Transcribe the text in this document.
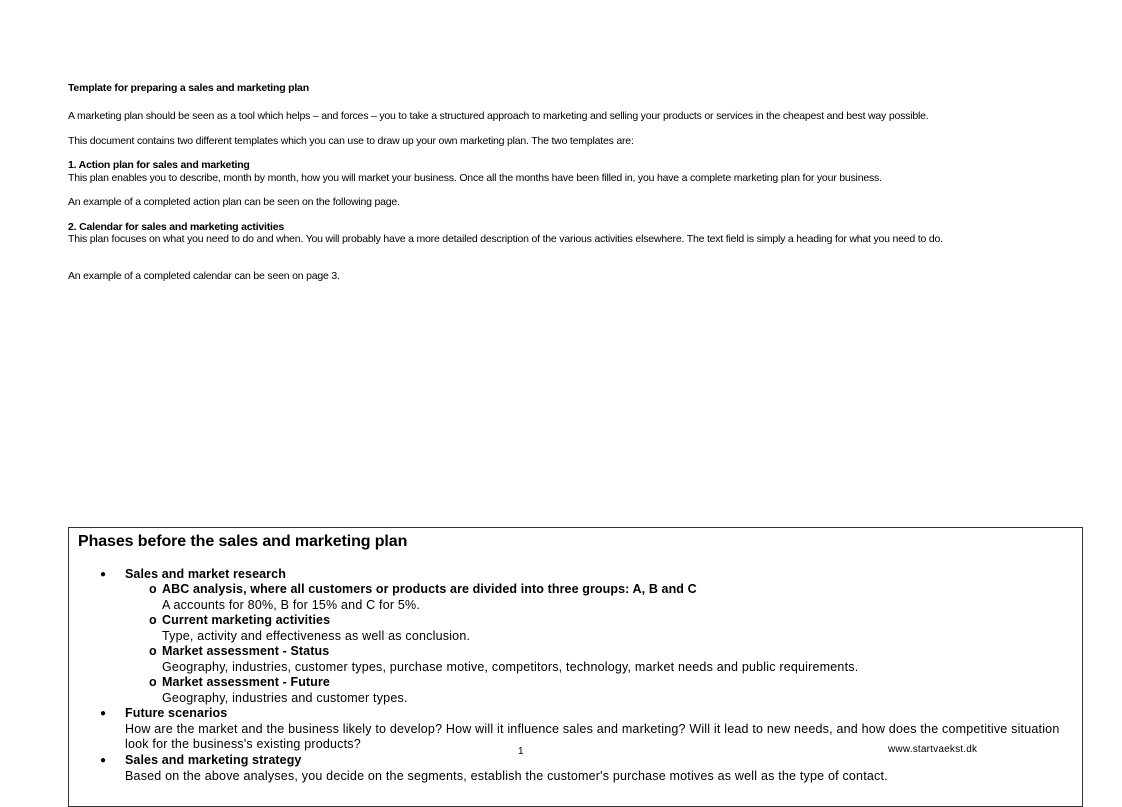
Template for preparing a sales and marketing plan
A marketing plan should be seen as a tool which helps – and forces – you to take a structured approach to marketing and selling your products or services in the cheapest and best way possible.
This document contains two different templates which you can use to draw up your own marketing plan. The two templates are:
1. Action plan for sales and marketing
This plan enables you to describe, month by month, how you will market your business. Once all the months have been filled in, you have a complete marketing plan for your business.
An example of a completed action plan can be seen on the following page.
2. Calendar for sales and marketing activities
This plan focuses on what you need to do and when. You will probably have a more detailed description of the various activities elsewhere. The text field is simply a heading for what you need to do.
An example of a completed calendar can be seen on page 3.
Phases before the sales and marketing plan
● Sales and market research
o ABC analysis, where all customers or products are divided into three groups: A, B and C
A accounts for 80%, B for 15% and C for 5%.
o Current marketing activities
Type, activity and effectiveness as well as conclusion.
o Market assessment - Status
Geography, industries, customer types, purchase motive, competitors, technology, market needs and public requirements.
o Market assessment - Future
Geography, industries and customer types.
● Future scenarios
How are the market and the business likely to develop? How will it influence sales and marketing? Will it lead to new needs, and how does the competitive situation look for the business's existing products?
● Sales and marketing strategy
Based on the above analyses, you decide on the segments, establish the customer's purchase motives as well as the type of contact.
1	www.startvaekst.dk
